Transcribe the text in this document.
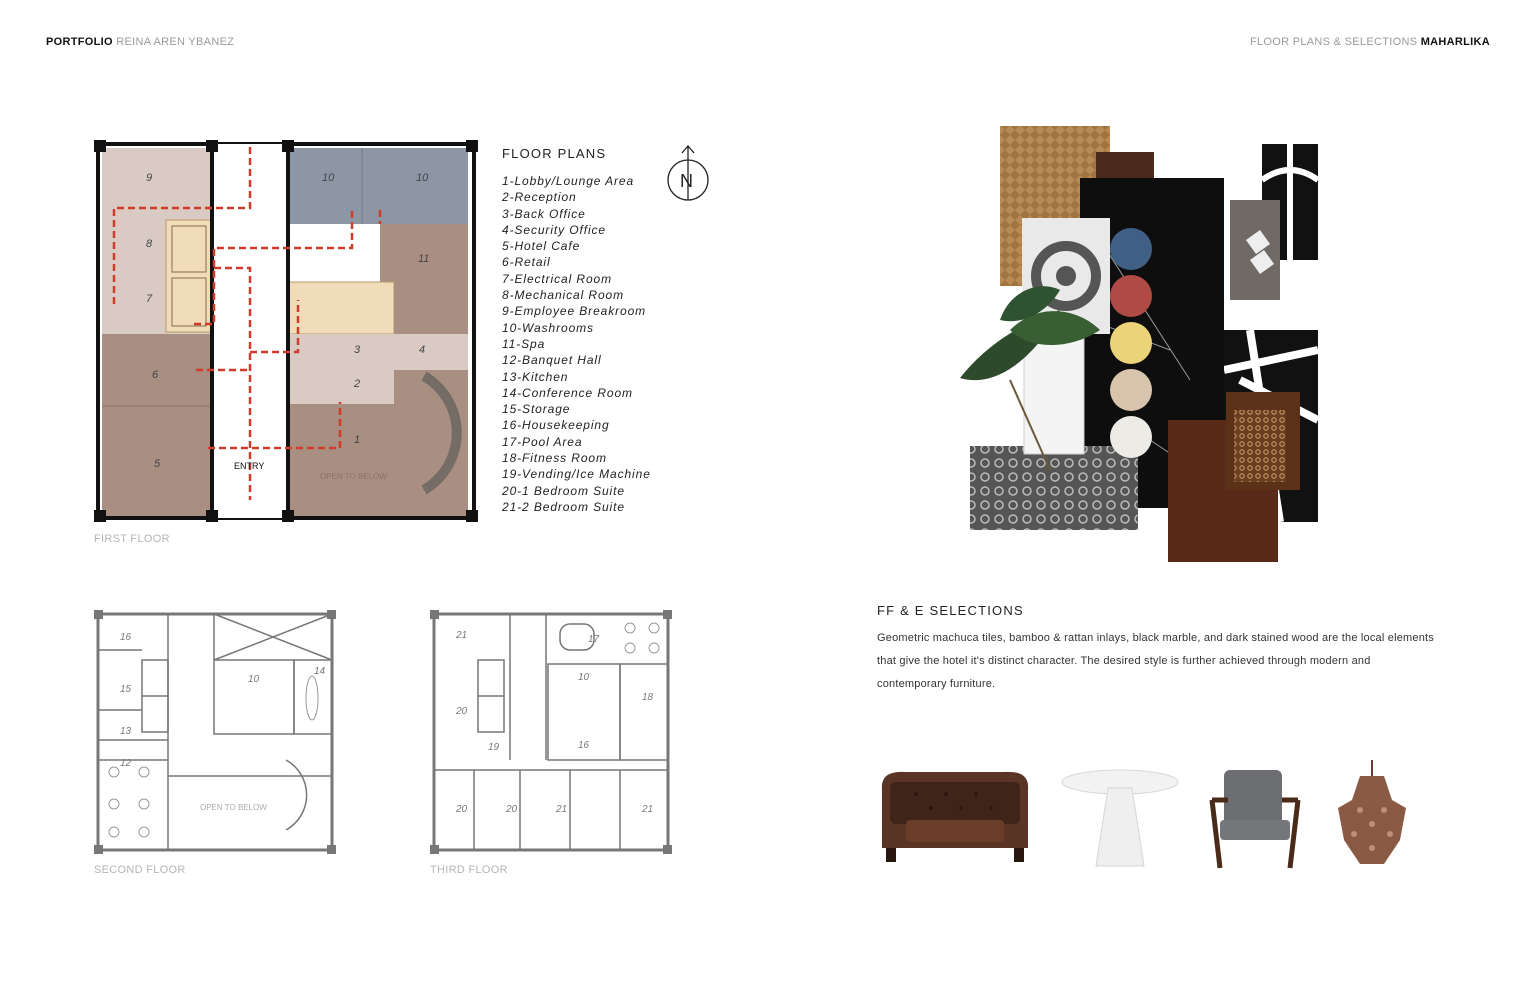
PORTFOLIO REINA AREN YBANEZ	FLOOR PLANS & SELECTIONS MAHARLIKA
9
8
7
6
5
10	10
11
3	4
2
1
ENTRY
OPEN TO BELOW
FIRST FLOOR
FLOOR PLANS
1-Lobby/Lounge Area
2-Reception
3-Back Office
4-Security Office
5-Hotel Cafe
6-Retail
7-Electrical Room
8-Mechanical Room
9-Employee Breakroom
10-Washrooms
11-Spa
12-Banquet Hall
13-Kitchen
14-Conference Room
15-Storage
16-Housekeeping
17-Pool Area
18-Fitness Room
19-Vending/Ice Machine
20-1 Bedroom Suite
21-2 Bedroom Suite
N
16
15
13
12
10
14
OPEN TO BELOW
SECOND FLOOR
21	17
20
10
18
19	16
20	20	21	21
THIRD FLOOR
FF & E SELECTIONS
Geometric machuca tiles, bamboo & rattan inlays, black marble, and dark stained wood are the local elements that give the hotel it's distinct character. The desired style is further achieved through modern and contemporary furniture.
